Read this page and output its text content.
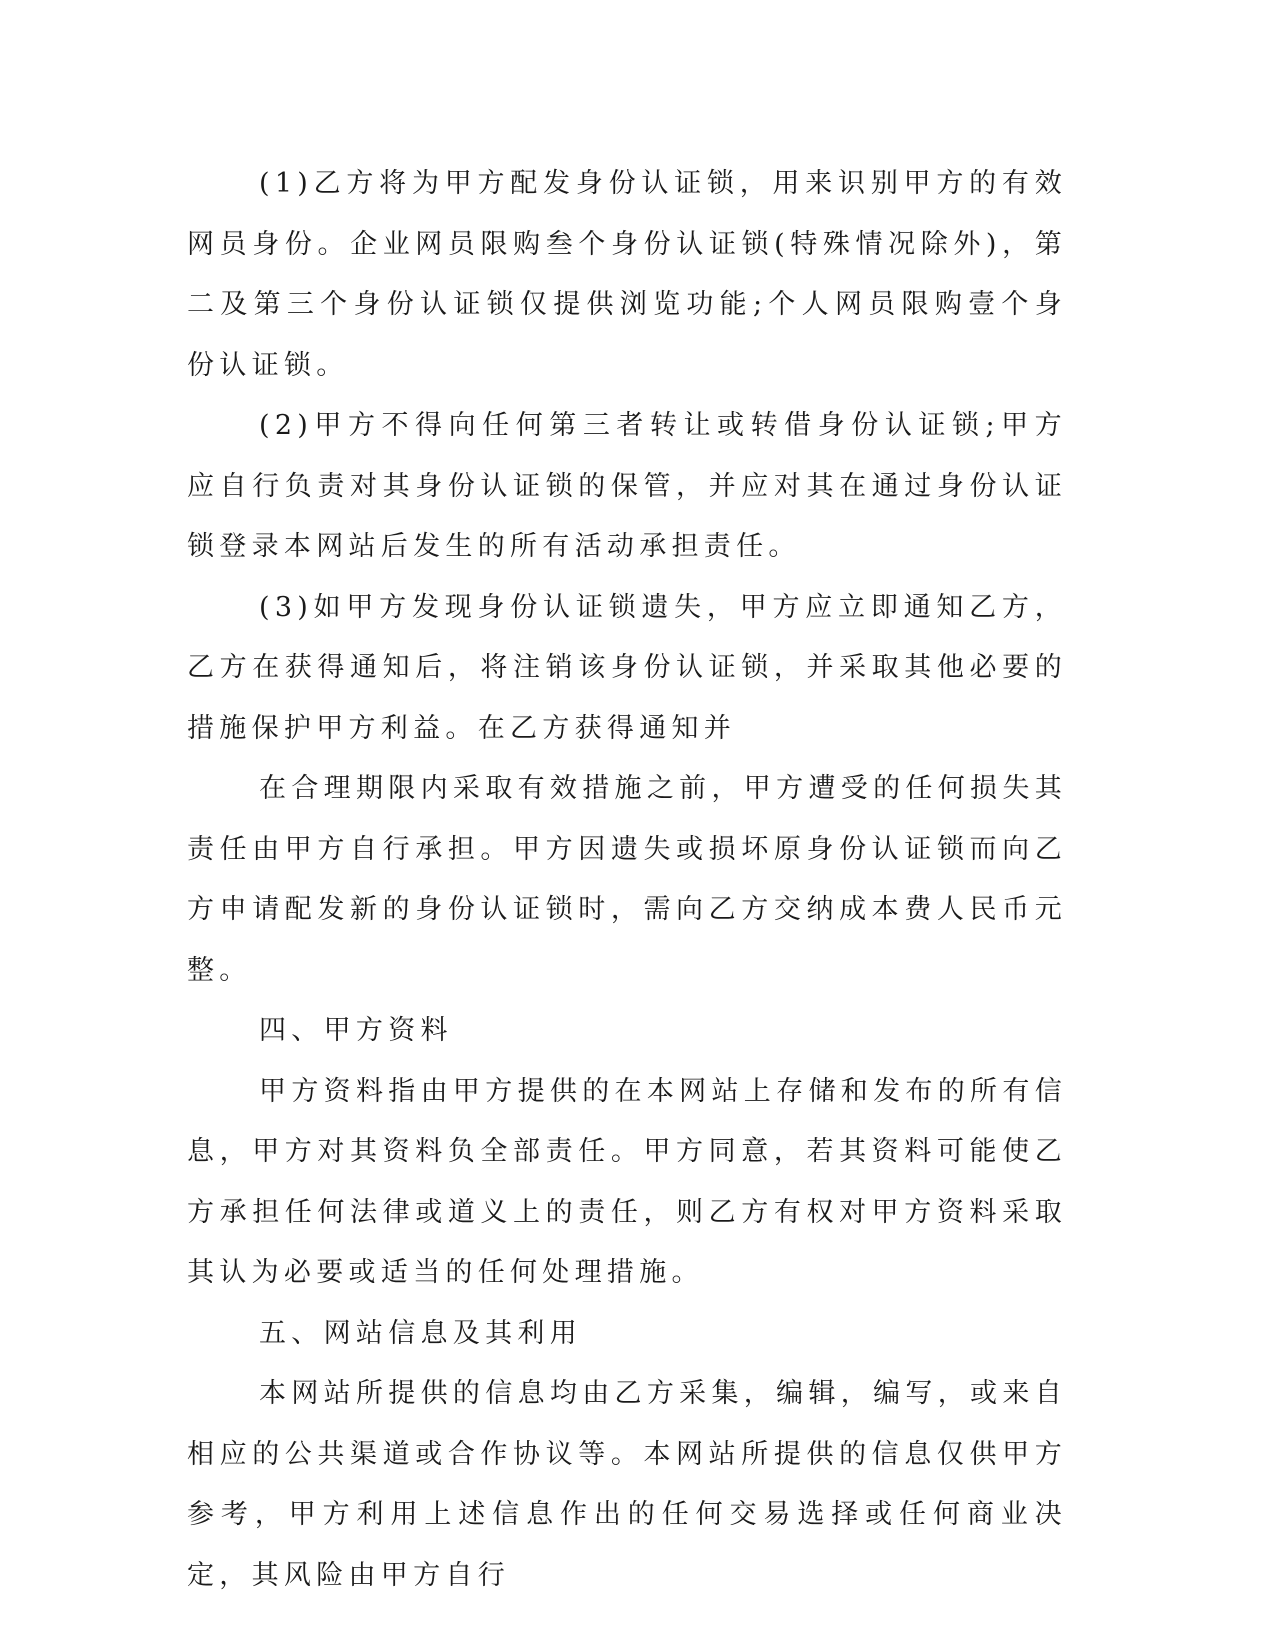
(1)乙方将为甲方配发身份认证锁，用来识别甲方的有效网员身份。企业网员限购叁个身份认证锁(特殊情况除外)，第二及第三个身份认证锁仅提供浏览功能;个人网员限购壹个身份认证锁。

(2)甲方不得向任何第三者转让或转借身份认证锁;甲方应自行负责对其身份认证锁的保管，并应对其在通过身份认证锁登录本网站后发生的所有活动承担责任。

(3)如甲方发现身份认证锁遗失，甲方应立即通知乙方，乙方在获得通知后，将注销该身份认证锁，并采取其他必要的措施保护甲方利益。在乙方获得通知并

在合理期限内采取有效措施之前，甲方遭受的任何损失其责任由甲方自行承担。甲方因遗失或损坏原身份认证锁而向乙方申请配发新的身份认证锁时，需向乙方交纳成本费人民币元整。

四、甲方资料

甲方资料指由甲方提供的在本网站上存储和发布的所有信息，甲方对其资料负全部责任。甲方同意，若其资料可能使乙方承担任何法律或道义上的责任，则乙方有权对甲方资料采取其认为必要或适当的任何处理措施。

五、网站信息及其利用

本网站所提供的信息均由乙方采集，编辑，编写，或来自相应的公共渠道或合作协议等。本网站所提供的信息仅供甲方参考，甲方利用上述信息作出的任何交易选择或任何商业决定，其风险由甲方自行
